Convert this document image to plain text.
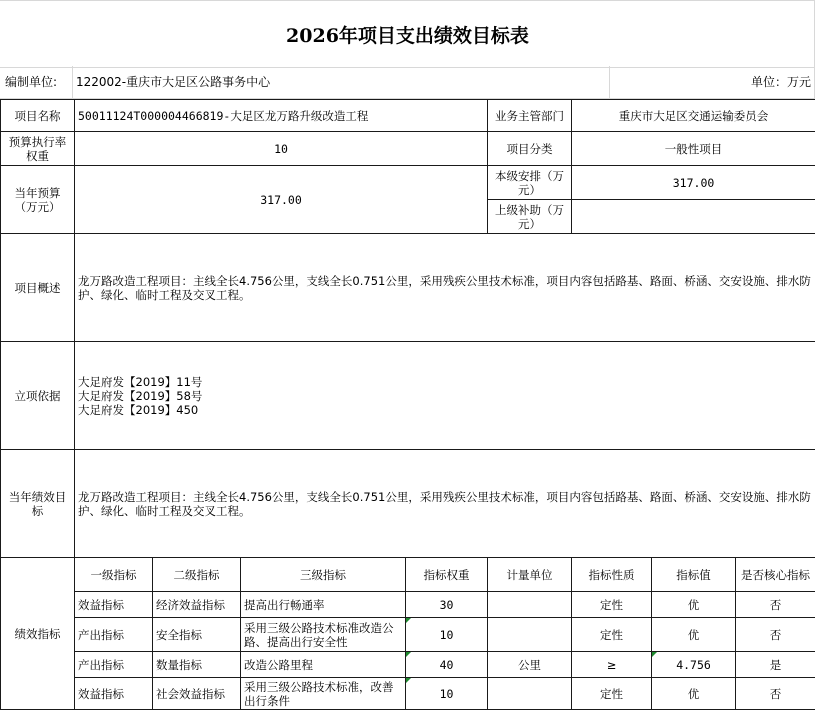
2026年项目支出绩效目标表
编制单位: 122002-重庆市大足区公路事务中心	单位：万元
项目名称	50011124T000004466819-大足区龙万路升级改造工程				业务主管部门	重庆市大足区交通运输委员会		
预算执行率权重	10				项目分类	一般性项目		
当年预算（万元）	317.00				本级安排（万元）	317.00		
					上级补助（万元）			
项目概述	龙万路改造工程项目：主线全长4.756公里，支线全长0.751公里，采用残疾公里技术标准，项目内容包括路基、路面、桥涵、交安设施、排水防护、绿化、临时工程及交叉工程。							
立项依据	大足府发【2019】11号
大足府发【2019】58号
大足府发【2019】450							

当年绩效目标	龙万路改造工程项目：主线全长4.756公里，支线全长0.751公里，采用残疾公里技术标准，项目内容包括路基、路面、桥涵、交安设施、排水防护、绿化、临时工程及交叉工程。							
绩效指标	一级指标	二级指标	三级指标	指标权重	计量单位	指标性质	指标值	是否核心指标
	效益指标	经济效益指标	提高出行畅通率	30		定性	优	否
	产出指标	安全指标	采用三级公路技术标准改造公路、提高出行安全性	10		定性	优	否
	产出指标	数量指标	改造公路里程	40	公里	≥	4.756	是
	效益指标	社会效益指标	采用三级公路技术标准，改善出行条件	10		定性	优	否
